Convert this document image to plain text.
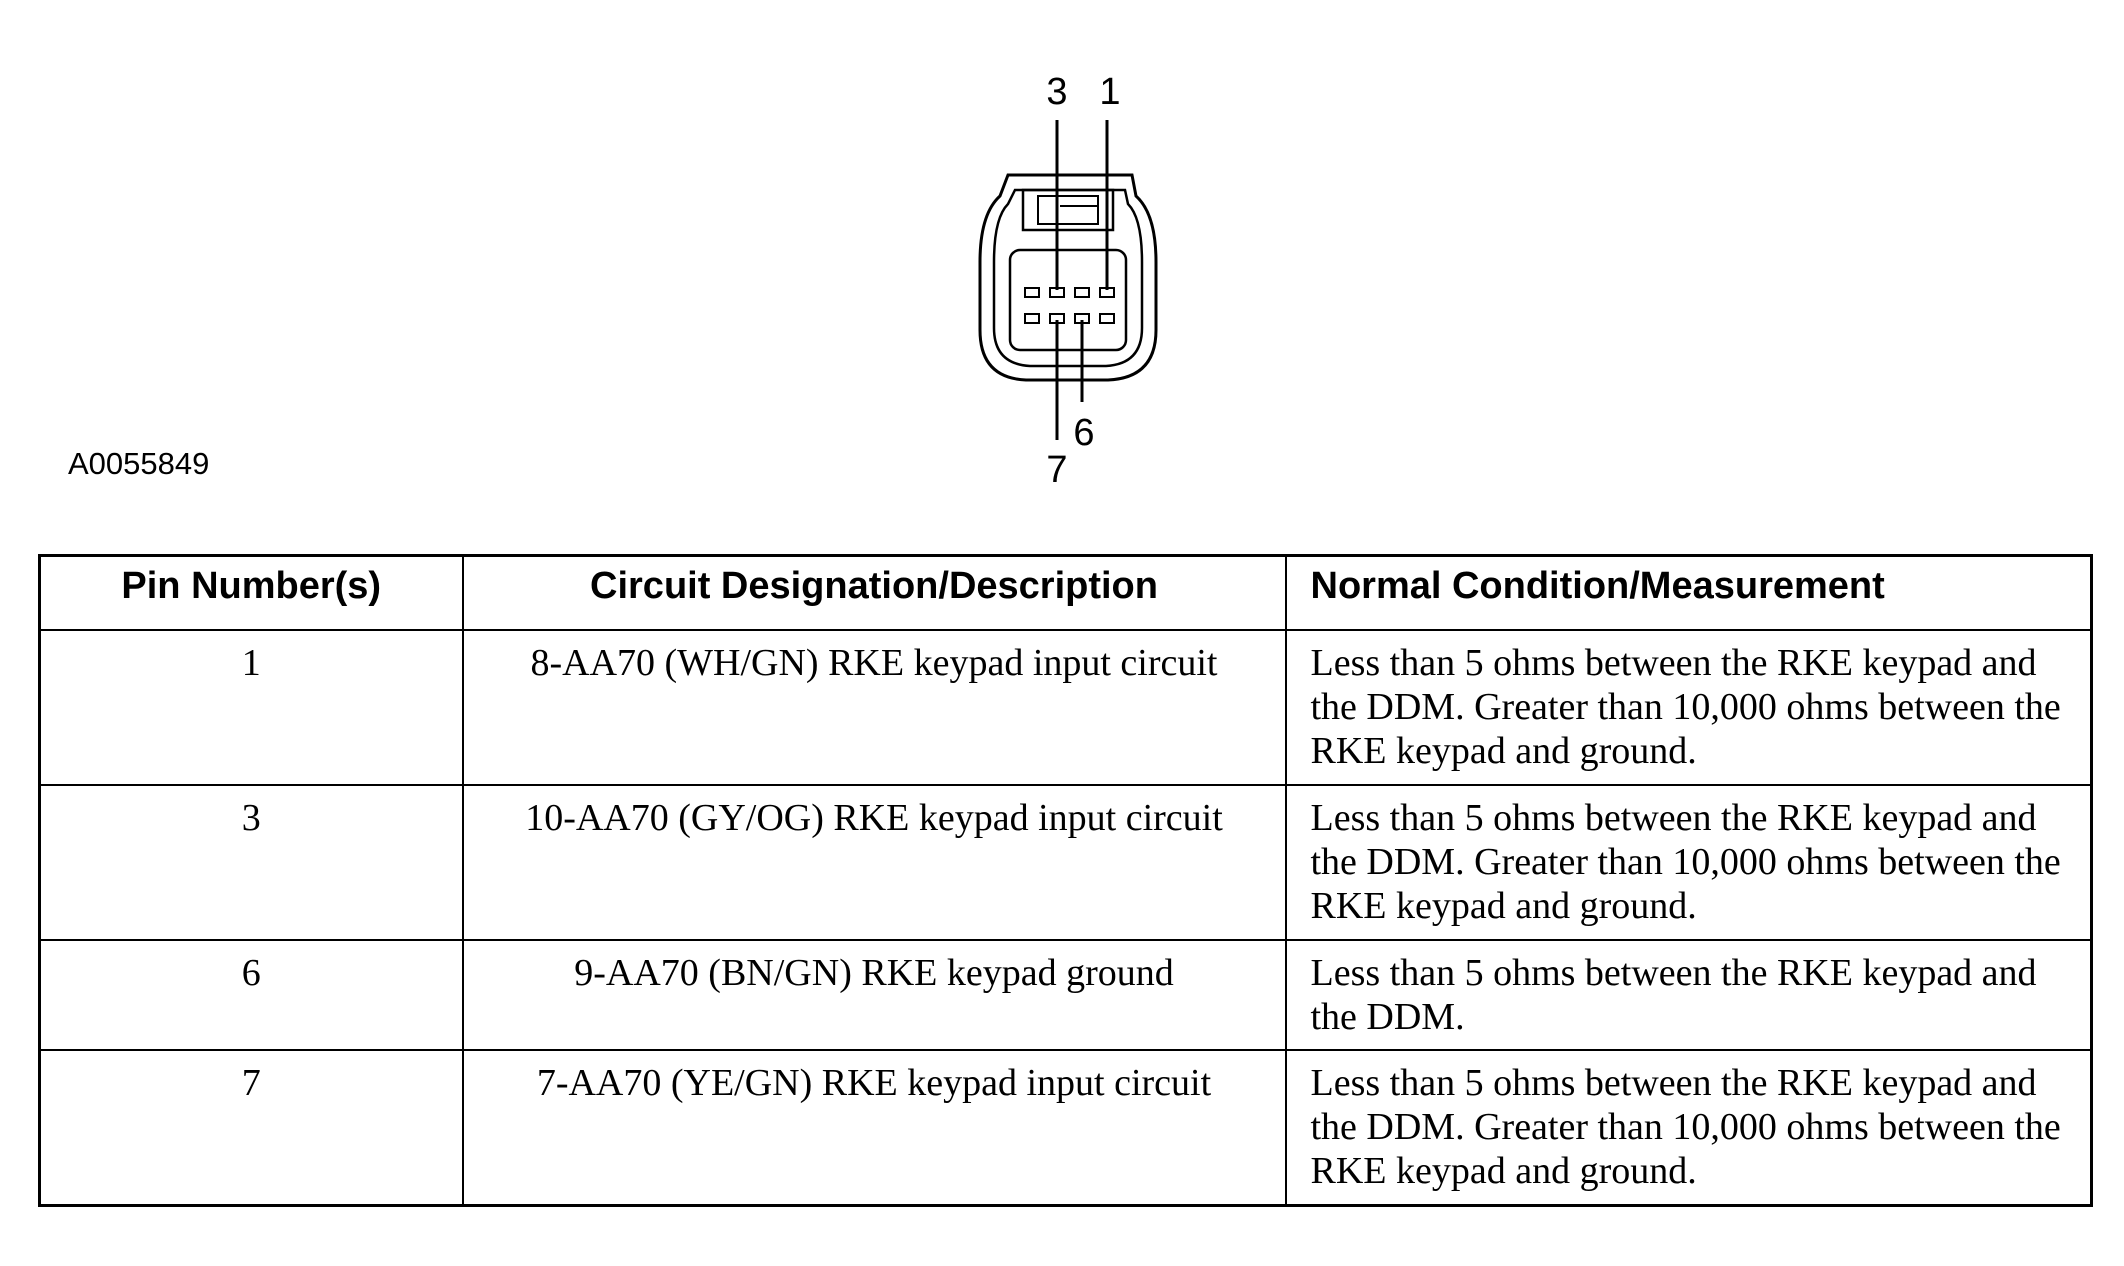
3 1
6
7
A0055849
Pin Number(s)	Circuit Designation/Description	Normal Condition/Measurement
1	8-AA70 (WH/GN) RKE keypad input circuit	Less than 5 ohms between the RKE keypad and the DDM. Greater than 10,000 ohms between the RKE keypad and ground.
3	10-AA70 (GY/OG) RKE keypad input circuit	Less than 5 ohms between the RKE keypad and the DDM. Greater than 10,000 ohms between the RKE keypad and ground.
6	9-AA70 (BN/GN) RKE keypad ground	Less than 5 ohms between the RKE keypad and the DDM.
7	7-AA70 (YE/GN) RKE keypad input circuit	Less than 5 ohms between the RKE keypad and the DDM. Greater than 10,000 ohms between the RKE keypad and ground.
